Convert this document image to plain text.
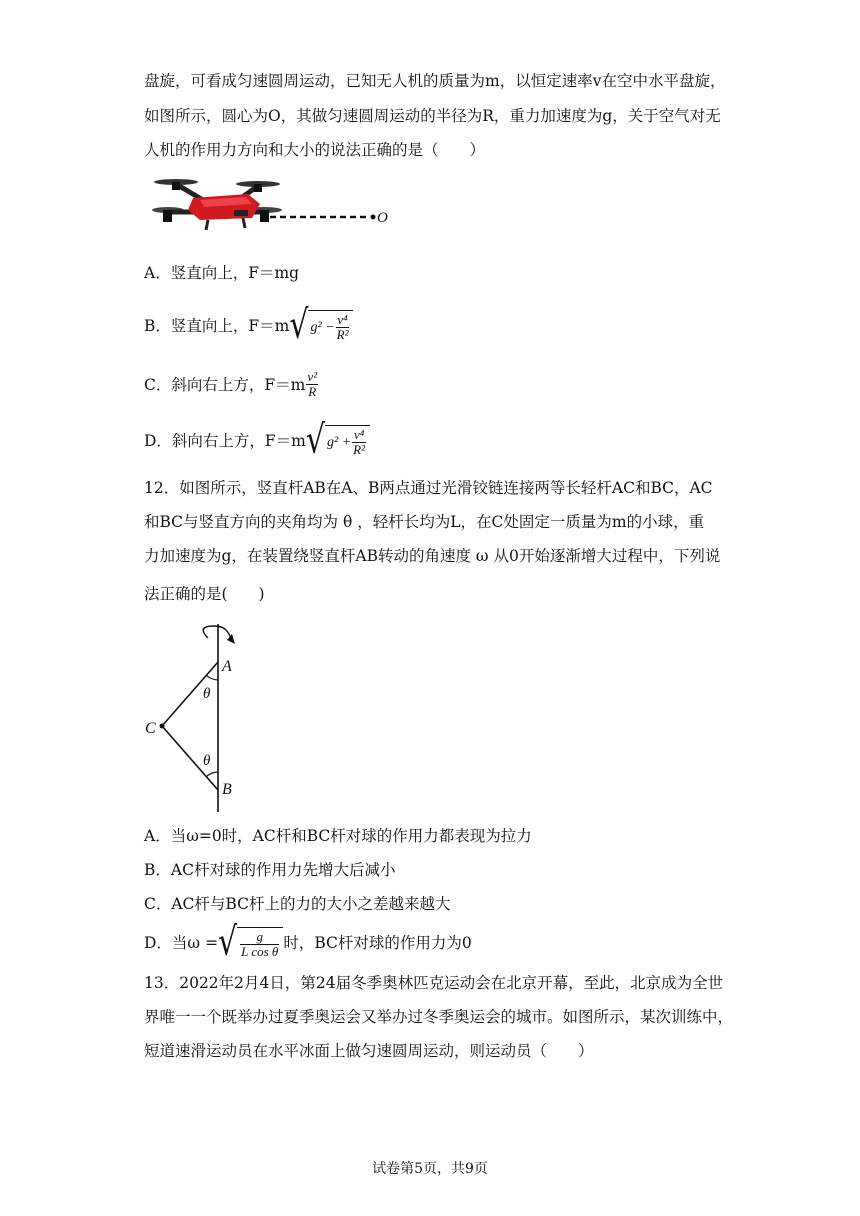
盘旋，可看成匀速圆周运动，已知无人机的质量为m，以恒定速率v在空中水平盘旋，
如图所示，圆心为O，其做匀速圆周运动的半径为R，重力加速度为g，关于空气对无
人机的作用力方向和大小的说法正确的是（　　）
O
A．竖直向上，F＝mg
B．竖直向上，F＝m √ $g^2 - \frac{\text{v⁴}}{\text{R²}}$
C．斜向右上方，$F=m \frac{\text{v²}}{R}$
D．斜向右上方，F＝m √ $g^2 + \frac{\text{v⁴}}{\text{R²}}$
12．如图所示，竖直杆AB在A、B两点通过光滑铰链连接两等长轻杆AC和BC，AC
和BC与竖直方向的夹角均为 θ ，轻杆长均为L，在C处固定一质量为m的小球，重
力加速度为g，在装置绕竖直杆AB转动的角速度 ω 从0开始逐渐增大过程中，下列说
法正确的是(　　)
A
B
C
θ
θ
A．当ω=0时，AC杆和BC杆对球的作用力都表现为拉力
B．AC杆对球的作用力先增大后减小
C．AC杆与BC杆上的力的大小之差越来越大
D．当ω = √ $\frac{g}{\text{L cos θ}}$ 时，BC杆对球的作用力为0
13．2022年2月4日，第24届冬季奥林匹克运动会在北京开幕，至此，北京成为全世
界唯一一个既举办过夏季奥运会又举办过冬季奥运会的城市。如图所示，某次训练中，
短道速滑运动员在水平冰面上做匀速圆周运动，则运动员（　　）
试卷第5页，共9页
